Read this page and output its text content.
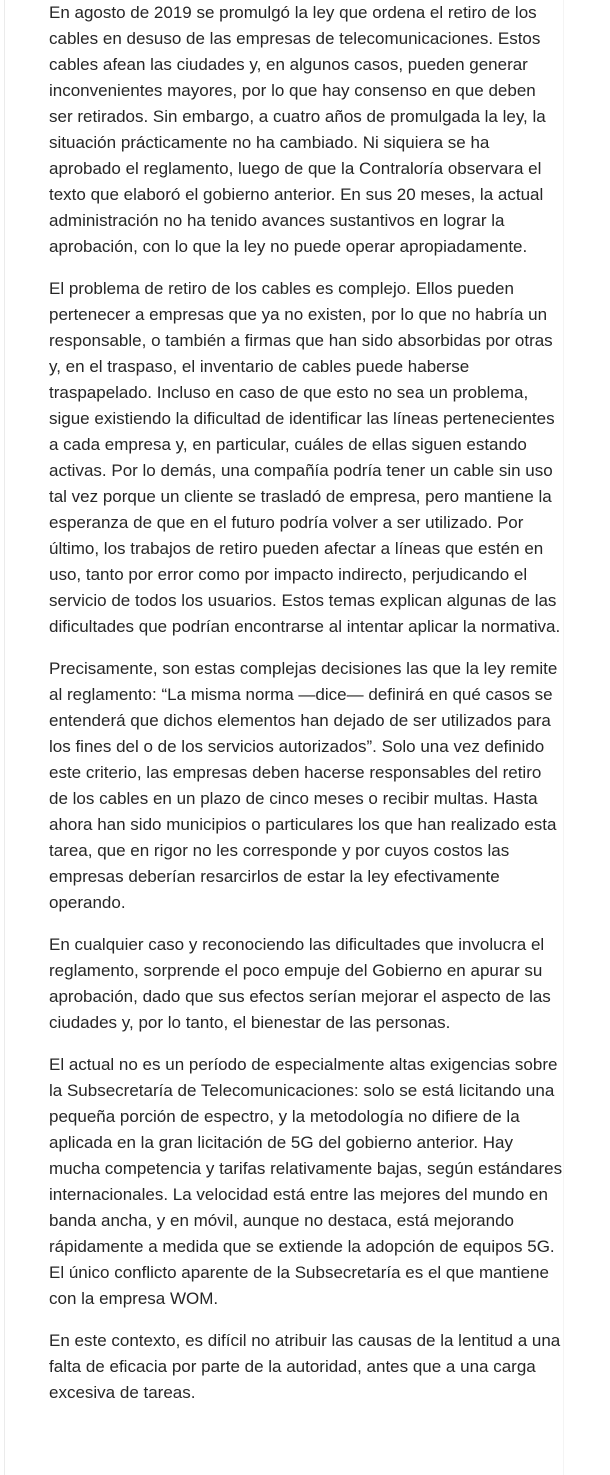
En agosto de 2019 se promulgó la ley que ordena el retiro de los cables en desuso de las empresas de telecomunicaciones. Estos cables afean las ciudades y, en algunos casos, pueden generar inconvenientes mayores, por lo que hay consenso en que deben ser retirados. Sin embargo, a cuatro años de promulgada la ley, la situación prácticamente no ha cambiado. Ni siquiera se ha aprobado el reglamento, luego de que la Contraloría observara el texto que elaboró el gobierno anterior. En sus 20 meses, la actual administración no ha tenido avances sustantivos en lograr la aprobación, con lo que la ley no puede operar apropiadamente.

El problema de retiro de los cables es complejo. Ellos pueden pertenecer a empresas que ya no existen, por lo que no habría un responsable, o también a firmas que han sido absorbidas por otras y, en el traspaso, el inventario de cables puede haberse traspapelado. Incluso en caso de que esto no sea un problema, sigue existiendo la dificultad de identificar las líneas pertenecientes a cada empresa y, en particular, cuáles de ellas siguen estando activas. Por lo demás, una compañía podría tener un cable sin uso tal vez porque un cliente se trasladó de empresa, pero mantiene la esperanza de que en el futuro podría volver a ser utilizado. Por último, los trabajos de retiro pueden afectar a líneas que estén en uso, tanto por error como por impacto indirecto, perjudicando el servicio de todos los usuarios. Estos temas explican algunas de las dificultades que podrían encontrarse al intentar aplicar la normativa.

Precisamente, son estas complejas decisiones las que la ley remite al reglamento: “La misma norma —dice— definirá en qué casos se entenderá que dichos elementos han dejado de ser utilizados para los fines del o de los servicios autorizados”. Solo una vez definido este criterio, las empresas deben hacerse responsables del retiro de los cables en un plazo de cinco meses o recibir multas. Hasta ahora han sido municipios o particulares los que han realizado esta tarea, que en rigor no les corresponde y por cuyos costos las empresas deberían resarcirlos de estar la ley efectivamente operando.

En cualquier caso y reconociendo las dificultades que involucra el reglamento, sorprende el poco empuje del Gobierno en apurar su aprobación, dado que sus efectos serían mejorar el aspecto de las ciudades y, por lo tanto, el bienestar de las personas.

El actual no es un período de especialmente altas exigencias sobre la Subsecretaría de Telecomunicaciones: solo se está licitando una pequeña porción de espectro, y la metodología no difiere de la aplicada en la gran licitación de 5G del gobierno anterior. Hay mucha competencia y tarifas relativamente bajas, según estándares internacionales. La velocidad está entre las mejores del mundo en banda ancha, y en móvil, aunque no destaca, está mejorando rápidamente a medida que se extiende la adopción de equipos 5G. El único conflicto aparente de la Subsecretaría es el que mantiene con la empresa WOM.

En este contexto, es difícil no atribuir las causas de la lentitud a una falta de eficacia por parte de la autoridad, antes que a una carga excesiva de tareas.
